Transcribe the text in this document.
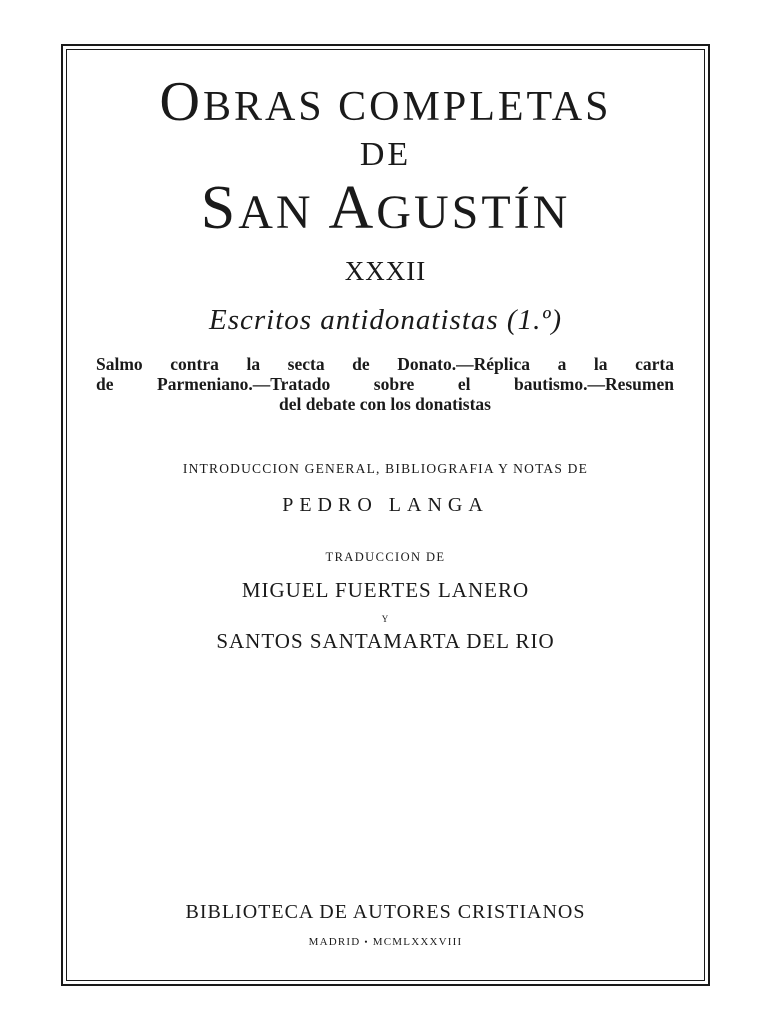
OBRAS COMPLETAS
DE
SAN AGUSTÍN
XXXII
Escritos antidonatistas (1.º)
Salmo contra la secta de Donato.—Réplica a la carta
de Parmeniano.—Tratado sobre el bautismo.—Resumen
del debate con los donatistas
INTRODUCCION GENERAL, BIBLIOGRAFIA Y NOTAS DE
PEDRO LANGA
TRADUCCION DE
MIGUEL FUERTES LANERO
Y
SANTOS SANTAMARTA DEL RIO
BIBLIOTECA DE AUTORES CRISTIANOS
MADRID • MCMLXXXVIII
